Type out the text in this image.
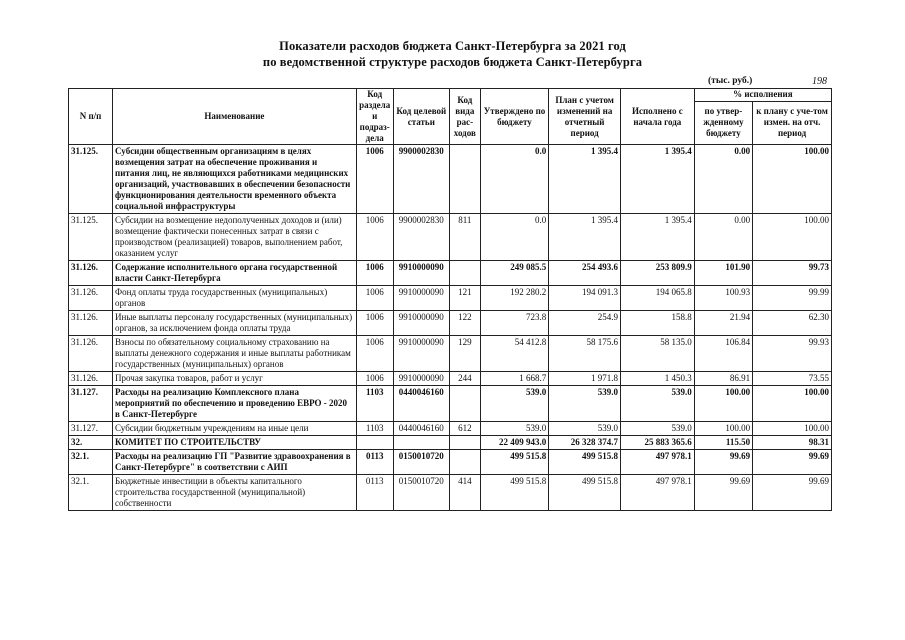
Показатели расходов бюджета Санкт-Петербурга за 2021 год
по ведомственной структуре расходов бюджета Санкт-Петербурга
(тыс. руб.)	198
N п/п	Наименование	Код раздела и подраз-дела	Код целевой статьи	Код вида рас-ходов	Утверждено по бюджету	План с учетом изменений на отчетный период	Исполнено с начала года	% исполнения	
								по утвер-жденному бюджету	к плану с уче-том измен. на отч. период
31.125.	Субсидии общественным организациям в целях возмещения затрат на обеспечение проживания и питания лиц, не являющихся работниками медицинских организаций, участвовавших в обеспечении безопасности функционирования деятельности временного объекта социальной инфраструктуры	1006	9900002830		0.0	1 395.4	1 395.4	0.00	100.00
31.125.	Субсидии на возмещение недополученных доходов и (или) возмещение фактически понесенных затрат в связи с производством (реализацией) товаров, выполнением работ, оказанием услуг	1006	9900002830	811	0.0	1 395.4	1 395.4	0.00	100.00
31.126.	Содержание исполнительного органа государственной власти Санкт-Петербурга	1006	9910000090		249 085.5	254 493.6	253 809.9	101.90	99.73
31.126.	Фонд оплаты труда государственных (муниципальных) органов	1006	9910000090	121	192 280.2	194 091.3	194 065.8	100.93	99.99
31.126.	Иные выплаты персоналу государственных (муниципальных) органов, за исключением фонда оплаты труда	1006	9910000090	122	723.8	254.9	158.8	21.94	62.30
31.126.	Взносы по обязательному социальному страхованию на выплаты денежного содержания и иные выплаты работникам государственных (муниципальных) органов	1006	9910000090	129	54 412.8	58 175.6	58 135.0	106.84	99.93
31.126.	Прочая закупка товаров, работ и услуг	1006	9910000090	244	1 668.7	1 971.8	1 450.3	86.91	73.55
31.127.	Расходы на реализацию Комплексного плана мероприятий по обеспечению и проведению ЕВРО - 2020 в Санкт-Петербурге	1103	0440046160		539.0	539.0	539.0	100.00	100.00
31.127.	Субсидии бюджетным учреждениям на иные цели	1103	0440046160	612	539.0	539.0	539.0	100.00	100.00
32.	КОМИТЕТ ПО СТРОИТЕЛЬСТВУ				22 409 943.0	26 328 374.7	25 883 365.6	115.50	98.31
32.1.	Расходы на реализацию ГП "Развитие здравоохранения в Санкт-Петербурге" в соответствии с АИП	0113	0150010720		499 515.8	499 515.8	497 978.1	99.69	99.69
32.1.	Бюджетные инвестиции в объекты капитального строительства государственной (муниципальной) собственности	0113	0150010720	414	499 515.8	499 515.8	497 978.1	99.69	99.69
